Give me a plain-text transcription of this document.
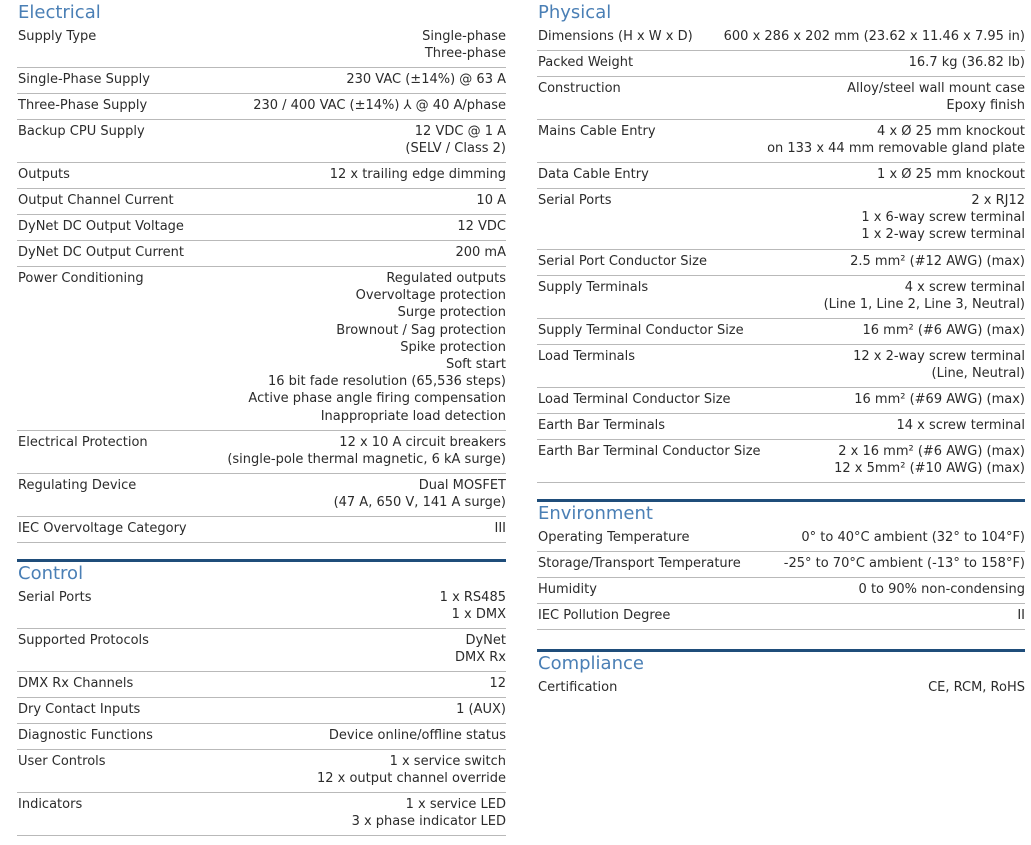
Electrical
Supply Type	Single-phase
Three-phase
Single-Phase Supply	230 VAC (±14%) @ 63 A
Three-Phase Supply	230 / 400 VAC (±14%) ⅄ @ 40 A/phase
Backup CPU Supply	12 VDC @ 1 A
(SELV / Class 2)
Outputs	12 x trailing edge dimming
Output Channel Current	10 A
DyNet DC Output Voltage	12 VDC
DyNet DC Output Current	200 mA
Power Conditioning	Regulated outputs
Overvoltage protection
Surge protection
Brownout / Sag protection
Spike protection
Soft start
16 bit fade resolution (65,536 steps)
Active phase angle firing compensation
Inappropriate load detection
Electrical Protection	12 x 10 A circuit breakers
(single-pole thermal magnetic, 6 kA surge)
Regulating Device	Dual MOSFET
(47 A, 650 V, 141 A surge)
IEC Overvoltage Category	III
Control
Serial Ports	1 x RS485
1 x DMX
Supported Protocols	DyNet
DMX Rx
DMX Rx Channels	12
Dry Contact Inputs	1 (AUX)
Diagnostic Functions	Device online/offline status
User Controls	1 x service switch
12 x output channel override
Indicators	1 x service LED
3 x phase indicator LED
Physical
Dimensions (H x W x D) 600 x 286 x 202 mm (23.62 x 11.46 x 7.95 in)
Packed Weight	16.7 kg (36.82 lb)
Construction	Alloy/steel wall mount case
Epoxy finish
Mains Cable Entry	4 x Ø 25 mm knockout
on 133 x 44 mm removable gland plate
Data Cable Entry	1 x Ø 25 mm knockout
Serial Ports	2 x RJ12
1 x 6-way screw terminal
1 x 2-way screw terminal
Serial Port Conductor Size	2.5 mm² (#12 AWG) (max)
Supply Terminals	4 x screw terminal
(Line 1, Line 2, Line 3, Neutral)
Supply Terminal Conductor Size	16 mm² (#6 AWG) (max)
Load Terminals	12 x 2-way screw terminal
(Line, Neutral)
Load Terminal Conductor Size	16 mm² (#69 AWG) (max)
Earth Bar Terminals	14 x screw terminal
Earth Bar Terminal Conductor Size	2 x 16 mm² (#6 AWG) (max)
12 x 5mm² (#10 AWG) (max)
Environment
Operating Temperature	0° to 40°C ambient (32° to 104°F)
Storage/Transport Temperature	-25° to 70°C ambient (-13° to 158°F)
Humidity	0 to 90% non-condensing
IEC Pollution Degree	II
Compliance
Certification	CE, RCM, RoHS
